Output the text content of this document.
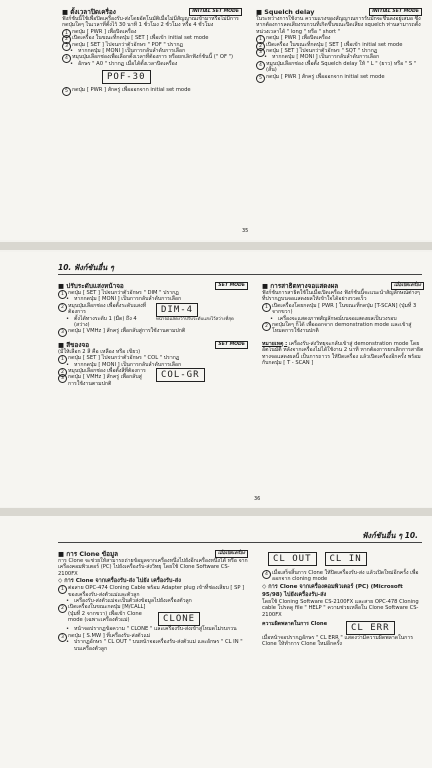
■ ตั้งเวลาปิดเครื่อง	INITIAL SET MODE
ฟังก์ชันนี้ใช้เพื่อปิดเครื่องรับ-ส่งโดยอัตโนมัติเมื่อไม่มีสัญญาณเข้ามาหรือไม่มีการกดปุ่มใดๆ ในเวลาที่ตั้งไว้ 30 นาที 1 ชั่วโมง 2 ชั่วโมง หรือ 4 ชั่วโมง
1 กดปุ่ม [ PWR ] เพื่อปิดเครื่อง
2 เปิดเครื่อง ในขณะที่กดปุ่ม [ SET ] เพื่อเข้า initial set mode
3 กดปุ่ม [ SET ] ไปจนกว่าตัวอักษร " POF " ปรากฏ
• หากกดปุ่ม [ MONI ] เป็นการกลับลำดับการเลือก
4 หมุนปุ่มเลือกช่องเพื่อเลือกตั้งเวลาที่ต้องการ หรือยกเลิกฟังก์ชันนี้ (" OF ")
• อักษร " A0 " ปรากฏ เมื่อได้ตั้งเวลาปิดเครื่อง
POF-30
5 กดปุ่ม [ PWR ] สักครู่ เพื่อออกจาก initial set mode
■ Squelch delay	INITIAL SET MODE
ในระหว่างการใช้งาน ความแรงของสัญญาณการรับมักจะขึ้นลงอยู่เสมอ ซึ่งหากต้องการลดเสียงรบกวนที่เกิดขึ้นขณะปิดเสียง squelch ท่านสามารถตั้งหน่วงเวลาได้ " long " หรือ " short "
1 กดปุ่ม [ PWR ] เพื่อปิดเครื่อง
2 เปิดเครื่อง ในขณะที่กดปุ่ม [ SET ] เพื่อเข้า initial set mode
3 กดปุ่ม [ SET ] ไปจนกว่าตัวอักษร " SQT " ปรากฏ
• หากกดปุ่ม [ MONI ] เป็นการกลับลำดับการเลือก
4 หมุนปุ่มเลือกช่อง เพื่อตั้ง Squelch delay ให้ " L " (ยาว) หรือ " S " (สั้น)
5 กดปุ่ม [ PWR ] สักครู่ เพื่อออกจาก initial set mode
35
10. ฟังก์ชันอื่น ๆ
■ ปรับระดับแสงหน้าจอ	SET MODE
1 กดปุ่ม [ SET ] ไปจนกว่าตัวอักษร " DIM " ปรากฏ
• หากกดปุ่ม [ MONI ] เป็นการกลับลำดับการเลือก
2 หมุนปุ่มเลือกช่อง เพื่อตั้งระดับแสงที่ต้องการ
• ตั้งได้ทางระดับ 1 (มืด) ถึง 4 (สว่าง)
DIM-4
หน้าจอแสดงว่าปรับระดับแสงไว้สว่างที่สุด
3 กดปุ่ม [ VMHz ] สักครู่ เพื่อกลับสู่การใช้งานตามปกติ
■ สีของจอ	SET MODE
(มีให้เลือก 2 สี คือ เหลือง หรือ เขียว)
1 กดปุ่ม [ SET ] ไปจนกว่าตัวอักษร " COL " ปรากฏ
• หากกดปุ่ม [ MONI ] เป็นการกลับลำดับการเลือก
2 หมุนปุ่มเลือกช่อง เพื่อตั้งสีที่ต้องการ
3 กดปุ่ม [ VMHz ] สักครู่ เพื่อกลับสู่การใช้งานตามปกติ
COL-GR
■ การสาธิตทางจอแสดงผล	เมื่อเปิดเครื่อง
ฟังก์ชันการสาธิตใช้ในเมื่อเปิดเครื่อง ฟังก์ชันนี้จะแนะนำสัญลักษณ์ต่างๆ ที่ปรากฏบนจอแสดงผลให้เข้าใจได้อย่างรวดเร็ว
1 เปิดเครื่องโดยกดปุ่ม [ PWR ] ในขณะที่กดปุ่ม [T-SCAN] (ปุ่มที่ 3 จากขวา)
• เครื่องจะแสดงภาพสัญลักษณ์บนจอแสดงผลเป็นวงรอบ
2 กดปุ่มใดๆ ก็ได้ เพื่อออกจาก demonstration mode และเข้าสู่โหมดการใช้งานปกติ
หมายเหตุ : เครื่องรับ-ส่งวิทยุจะกลับเข้าสู่ demonstration mode โดยอัตโนมัติ หลังจากเครื่องไม่ได้ใช้งาน 2 นาที หากต้องการยกเลิกการสาธิตทางจอแสดงผลนี้ เป็นการถาวร ให้ปิดเครื่อง แล้วเปิดเครื่องอีกครั้ง พร้อมกับกดปุ่ม [ T - SCAN ]
36
ฟังก์ชันอื่น ๆ 10.
■ การ Clone ข้อมูล	เมื่อเปิดเครื่อง
การ Clone จะช่วยให้สามารถถ่ายข้อมูลจากเครื่องหนึ่งไปยังอีกเครื่องหนึ่งได้ หรือ จากเครื่องคอมพิวเตอร์ (PC) ไปยังเครื่องรับ-ส่งวิทยุ โดยใช้ Clone Software CS-2100FX
◇ การ Clone จากเครื่องรับ-ส่ง ไปยัง เครื่องรับ-ส่ง
1 ต่อสาย OPC-474 Cloning Cable พร้อม Adapter plug เข้าที่ช่องเสียบ [ SP ] ของเครื่องรับ-ส่งตัวแม่และตัวลูก
• เครื่องรับ-ส่งตัวแม่จะเป็นตัวส่งข้อมูลไปยังเครื่องตัวลูก
2 เปิดเครื่องในขณะกดปุ่ม [M/CALL] (ปุ่มที่ 2 จากขวา) เพื่อเข้า Clone mode (เฉพาะเครื่องตัวแม่)	CLONE
• หน้าจอปรากฏข้อความ " CLONE " และเครื่องรับ-ส่งเข้าสู่โหมดไม่รบกวน
3 กดปุ่ม [ S.MW ] ที่เครื่องรับ-ส่งตัวแม่
• ปรากฏอักษร " CL OUT " บนหน้าจอเครื่องรับ-ส่งตัวแม่ และอักษร " CL IN " บนเครื่องตัวลูก
CL OUT	CL IN
4 เมื่อเสร็จสิ้นการ Clone ให้ปิดเครื่องรับ-ส่ง แล้วเปิดใหม่อีกครั้ง เพื่อออกจาก cloning mode
◇ การ Clone จากเครื่องคอมพิวเตอร์ (PC) (Microsoft 95/98) ไปยังเครื่องรับ-ส่ง
โดยใช้ Cloning Software CS-2100FX และสาย OPC-478 Cloning cable โปรดดู file " HELP " ความช่วยเหลือใน Clone Software CS-2100FX
ความผิดพลาดในการ Clone	CL ERR
เมื่อหน้าจอปรากฏอักษร " CL ERR " แสดงว่ามีความผิดพลาดในการ Clone ให้ทำการ Clone ใหม่อีกครั้ง
